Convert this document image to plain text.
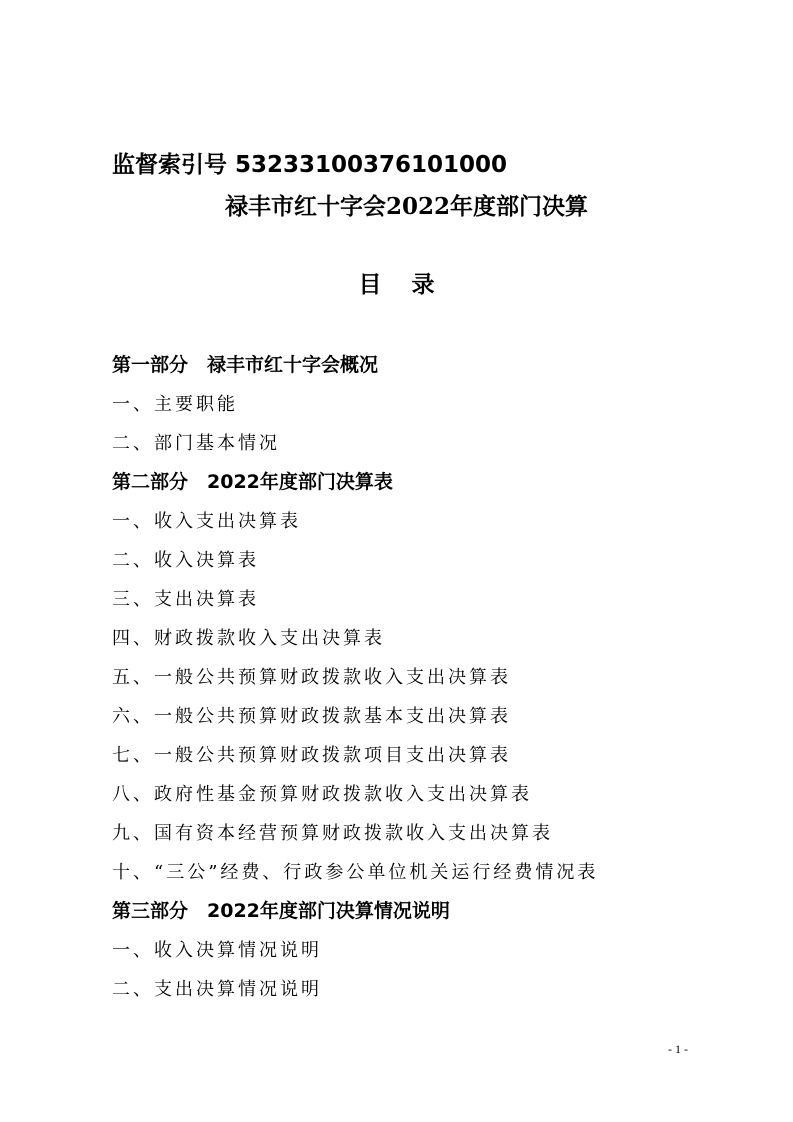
监督索引号 53233100376101000
禄丰市红十字会2022年度部门决算
目录
第一部分　禄丰市红十字会概况
一、主要职能
二、部门基本情况
第二部分　2022年度部门决算表
一、收入支出决算表
二、收入决算表
三、支出决算表
四、财政拨款收入支出决算表
五、一般公共预算财政拨款收入支出决算表
六、一般公共预算财政拨款基本支出决算表
七、一般公共预算财政拨款项目支出决算表
八、政府性基金预算财政拨款收入支出决算表
九、国有资本经营预算财政拨款收入支出决算表
十、“三公”经费、行政参公单位机关运行经费情况表
第三部分　2022年度部门决算情况说明
一、收入决算情况说明
二、支出决算情况说明
- 1 -
